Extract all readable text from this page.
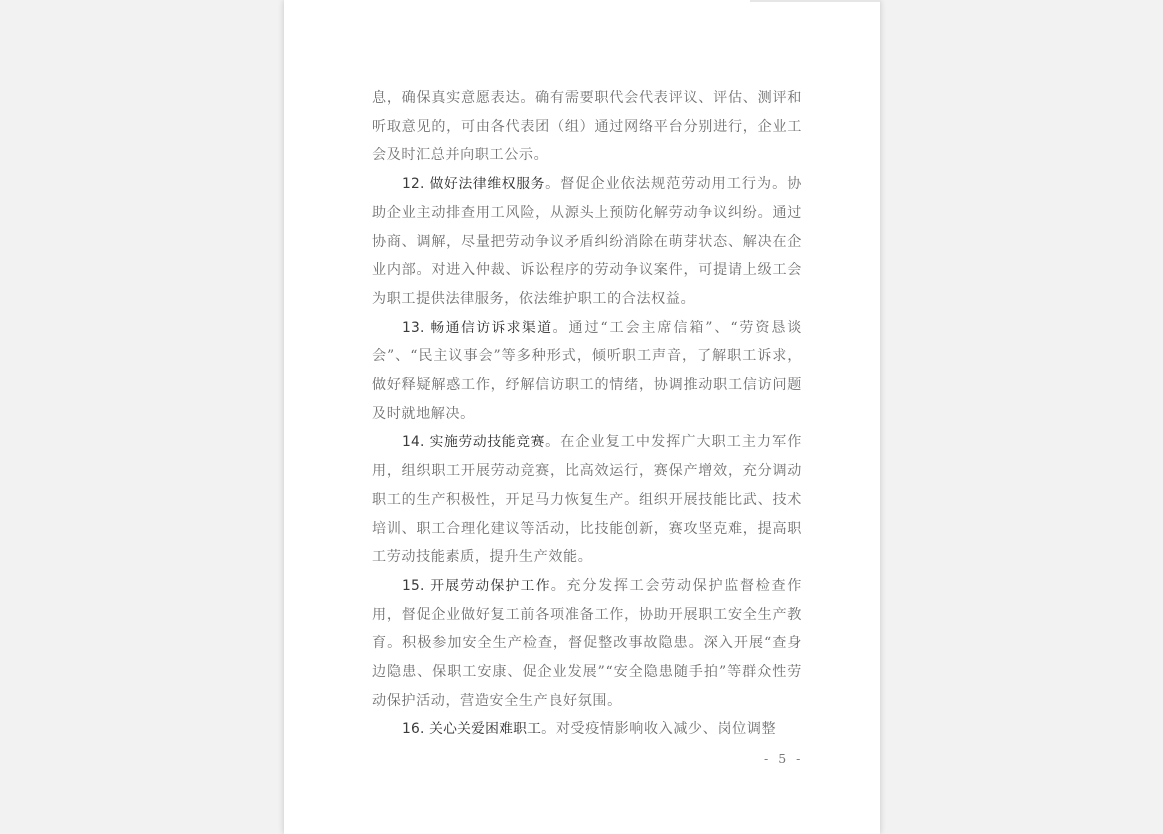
息，确保真实意愿表达。确有需要职代会代表评议、评估、测评和听取意见的，可由各代表团（组）通过网络平台分别进行，企业工会及时汇总并向职工公示。

12. 做好法律维权服务。督促企业依法规范劳动用工行为。协助企业主动排查用工风险，从源头上预防化解劳动争议纠纷。通过协商、调解，尽量把劳动争议矛盾纠纷消除在萌芽状态、解决在企业内部。对进入仲裁、诉讼程序的劳动争议案件，可提请上级工会为职工提供法律服务，依法维护职工的合法权益。

13. 畅通信访诉求渠道。通过“工会主席信箱”、“劳资恳谈会”、“民主议事会”等多种形式，倾听职工声音，了解职工诉求，做好释疑解惑工作，纾解信访职工的情绪，协调推动职工信访问题及时就地解决。

14. 实施劳动技能竞赛。在企业复工中发挥广大职工主力军作用，组织职工开展劳动竞赛，比高效运行，赛保产增效，充分调动职工的生产积极性，开足马力恢复生产。组织开展技能比武、技术培训、职工合理化建议等活动，比技能创新，赛攻坚克难，提高职工劳动技能素质，提升生产效能。

15. 开展劳动保护工作。充分发挥工会劳动保护监督检查作用，督促企业做好复工前各项准备工作，协助开展职工安全生产教育。积极参加安全生产检查，督促整改事故隐患。深入开展“查身边隐患、保职工安康、促企业发展”“安全隐患随手拍”等群众性劳动保护活动，营造安全生产良好氛围。

16. 关心关爱困难职工。对受疫情影响收入减少、岗位调整

- 5 -
